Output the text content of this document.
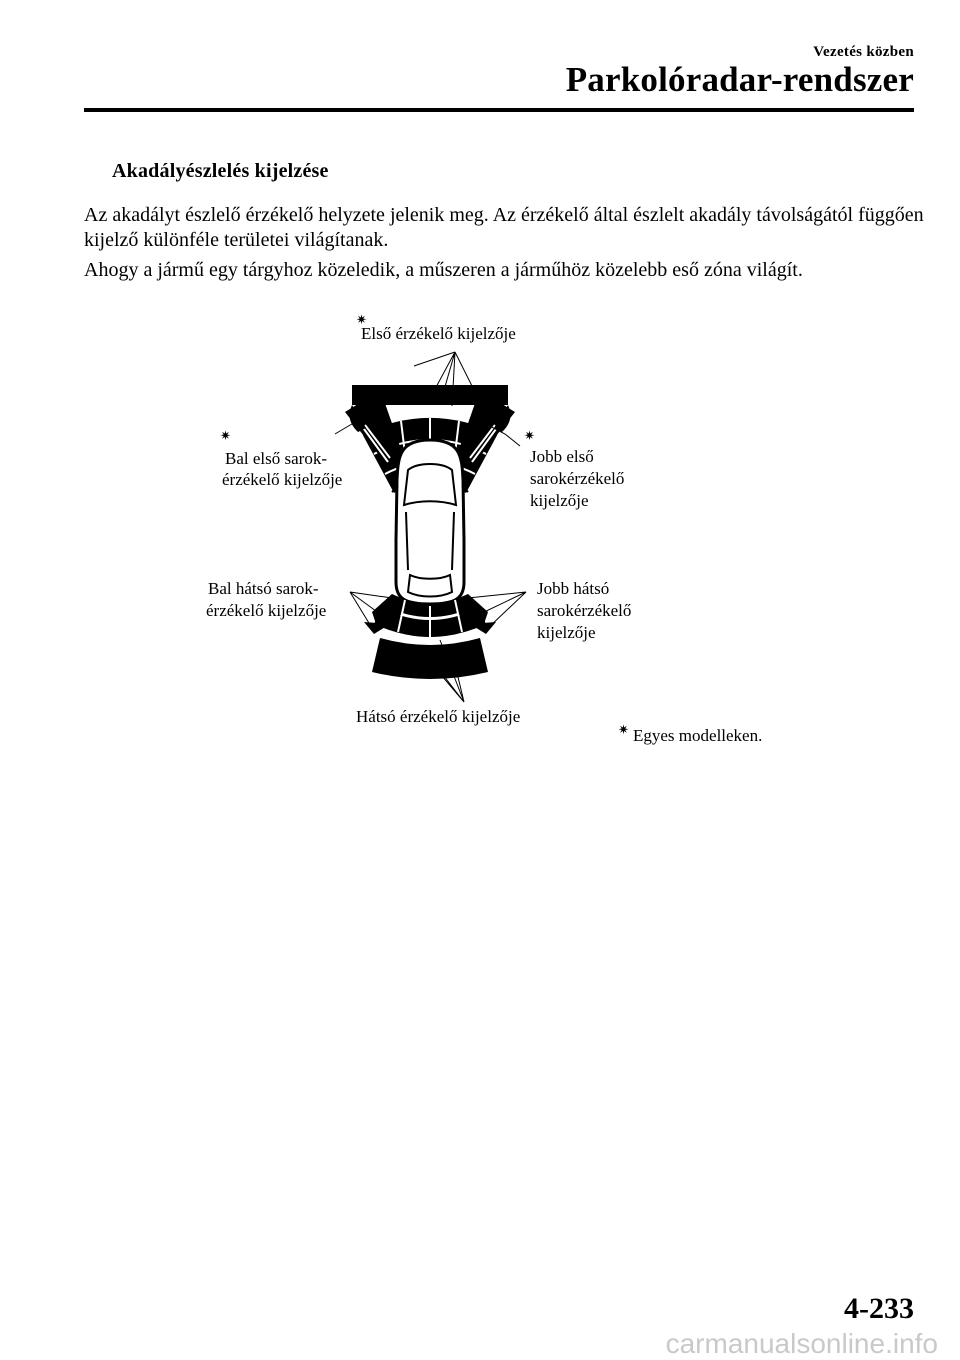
Vezetés közben
Parkolóradar-rendszer
Akadályészlelés kijelzése
Az akadályt észlelő érzékelő helyzete jelenik meg. Az érzékelő által észlelt akadály távolságától függően kijelző különféle területei világítanak.
Ahogy a jármű egy tárgyhoz közeledik, a műszeren a járműhöz közelebb eső zóna világít.
✷
Első érzékelő kijelzője
✷
Bal első sarok-
érzékelő kijelzője
✷
Jobb első
sarokérzékelő
kijelzője
Bal hátsó sarok-
érzékelő kijelzője
Jobb hátsó
sarokérzékelő
kijelzője
Hátsó érzékelő kijelzője
✷ Egyes modelleken.
4-233
carmanualsonline.info
